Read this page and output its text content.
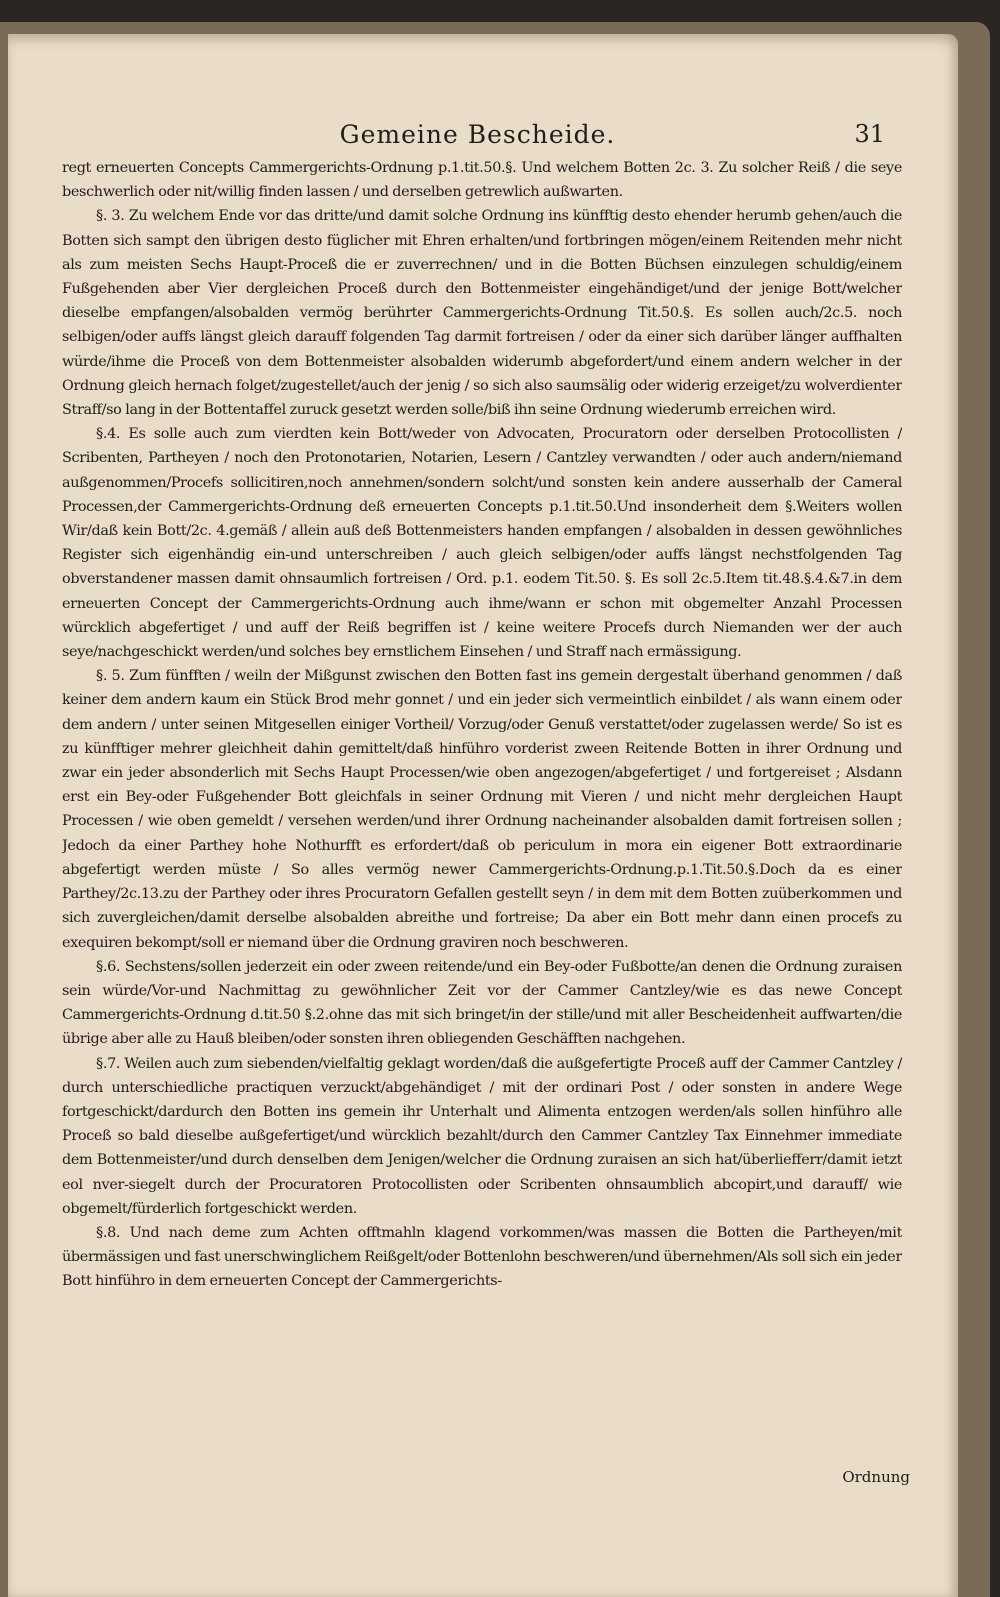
Gemeine Bescheide.	31

regt erneuerten Concepts Cammergerichts-Ordnung p.1.tit.50.§. Und welchem Botten 2c. 3. Zu solcher Reiß / die seye beschwerlich oder nit/willig finden lassen / und derselben getrewlich außwarten.

§. 3. Zu welchem Ende vor das dritte/und damit solche Ordnung ins künfftig desto ehender herumb gehen/auch die Botten sich sampt den übrigen desto füglicher mit Ehren erhalten/und fortbringen mögen/einem Reitenden mehr nicht als zum meisten Sechs Haupt-Proceß die er zuverrechnen/ und in die Botten Büchsen einzulegen schuldig/einem Fußgehenden aber Vier dergleichen Proceß durch den Bottenmeister eingehändiget/und der jenige Bott/welcher dieselbe empfangen/alsobalden vermög berührter Cammergerichts-Ordnung Tit.50.§. Es sollen auch/2c.5. noch selbigen/oder auffs längst gleich darauff folgenden Tag darmit fortreisen / oder da einer sich darüber länger auffhalten würde/ihme die Proceß von dem Bottenmeister alsobalden widerumb abgefordert/und einem andern welcher in der Ordnung gleich hernach folget/zugestellet/auch der jenig / so sich also saumsälig oder widerig erzeiget/zu wolverdienter Straff/so lang in der Bottentaffel zuruck gesetzt werden solle/biß ihn seine Ordnung wiederumb erreichen wird.

§.4. Es solle auch zum vierdten kein Bott/weder von Advocaten, Procuratorn oder derselben Protocollisten / Scribenten, Partheyen / noch den Protonotarien, Notarien, Lesern / Cantzley verwandten / oder auch andern/niemand außgenommen/Procefs sollicitiren,noch annehmen/sondern solcht/und sonsten kein andere ausserhalb der Cameral Processen,der Cammergerichts-Ordnung deß erneuerten Concepts p.1.tit.50.Und insonderheit dem §.Weiters wollen Wir/daß kein Bott/2c. 4.gemäß / allein auß deß Bottenmeisters handen empfangen / alsobalden in dessen gewöhnliches Register sich eigenhändig ein-und unterschreiben / auch gleich selbigen/oder auffs längst nechstfolgenden Tag obverstandener massen damit ohnsaumlich fortreisen / Ord. p.1. eodem Tit.50. §. Es soll 2c.5.Item tit.48.§.4.&7.in dem erneuerten Concept der Cammergerichts-Ordnung auch ihme/wann er schon mit obgemelter Anzahl Processen würcklich abgefertiget / und auff der Reiß begriffen ist / keine weitere Procefs durch Niemanden wer der auch seye/nachgeschickt werden/und solches bey ernstlichem Einsehen / und Straff nach ermässigung.

§. 5. Zum fünfften / weiln der Mißgunst zwischen den Botten fast ins gemein dergestalt überhand genommen / daß keiner dem andern kaum ein Stück Brod mehr gonnet / und ein jeder sich vermeintlich einbildet / als wann einem oder dem andern / unter seinen Mitgesellen einiger Vortheil/ Vorzug/oder Genuß verstattet/oder zugelassen werde/ So ist es zu künfftiger mehrer gleichheit dahin gemittelt/daß hinführo vorderist zween Reitende Botten in ihrer Ordnung und zwar ein jeder absonderlich mit Sechs Haupt Processen/wie oben angezogen/abgefertiget / und fortgereiset ; Alsdann erst ein Bey-oder Fußgehender Bott gleichfals in seiner Ordnung mit Vieren / und nicht mehr dergleichen Haupt Processen / wie oben gemeldt / versehen werden/und ihrer Ordnung nacheinander alsobalden damit fortreisen sollen ; Jedoch da einer Parthey hohe Nothurfft es erfordert/daß ob periculum in mora ein eigener Bott extraordinarie abgefertigt werden müste / So alles vermög newer Cammergerichts-Ordnung.p.1.Tit.50.§.Doch da es einer Parthey/2c.13.zu der Parthey oder ihres Procuratorn Gefallen gestellt seyn / in dem mit dem Botten zuüberkommen und sich zuvergleichen/damit derselbe alsobalden abreithe und fortreise; Da aber ein Bott mehr dann einen procefs zu exequiren bekompt/soll er niemand über die Ordnung graviren noch beschweren.

§.6. Sechstens/sollen jederzeit ein oder zween reitende/und ein Bey-oder Fußbotte/an denen die Ordnung zuraisen sein würde/Vor-und Nachmittag zu gewöhnlicher Zeit vor der Cammer Cantzley/wie es das newe Concept Cammergerichts-Ordnung d.tit.50 §.2.ohne das mit sich bringet/in der stille/und mit aller Bescheidenheit auffwarten/die übrige aber alle zu Hauß bleiben/oder sonsten ihren obliegenden Geschäfften nachgehen.

§.7. Weilen auch zum siebenden/vielfaltig geklagt worden/daß die außgefertigte Proceß auff der Cammer Cantzley / durch unterschiedliche practiquen verzuckt/abgehändiget / mit der ordinari Post / oder sonsten in andere Wege fortgeschickt/dardurch den Botten ins gemein ihr Unterhalt und Alimenta entzogen werden/als sollen hinführo alle Proceß so bald dieselbe außgefertiget/und würcklich bezahlt/durch den Cammer Cantzley Tax Einnehmer immediate dem Bottenmeister/und durch denselben dem Jenigen/welcher die Ordnung zuraisen an sich hat/überliefferr/damit ietzt eol nver-siegelt durch der Procuratoren Protocollisten oder Scribenten ohnsaumblich abcopirt,und darauff/ wie obgemelt/fürderlich fortgeschickt werden.

§.8. Und nach deme zum Achten offtmahln klagend vorkommen/was massen die Botten die Partheyen/mit übermässigen und fast unerschwinglichem Reißgelt/oder Bottenlohn beschweren/und übernehmen/Als soll sich ein jeder Bott hinführo in dem erneuerten Concept der Cammergerichts-

Ordnung
